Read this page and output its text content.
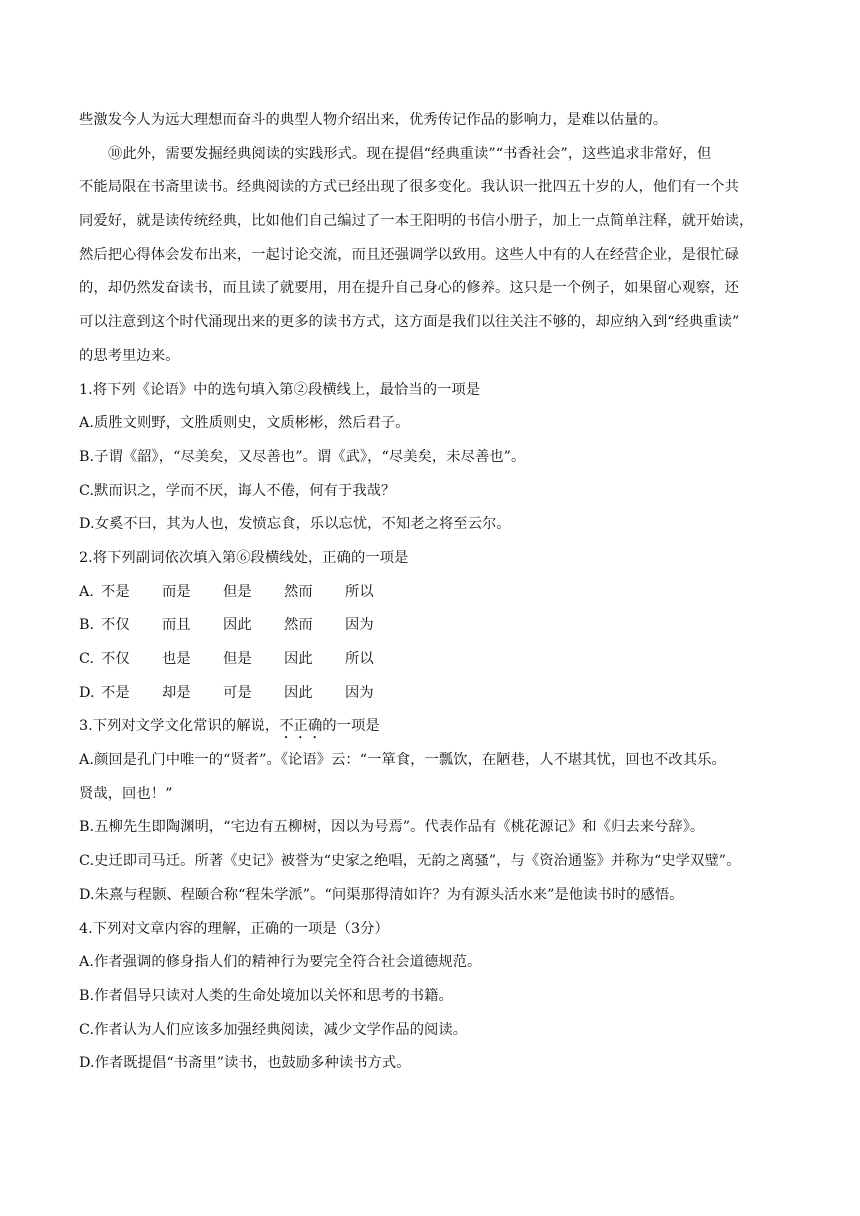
些激发今人为远大理想而奋斗的典型人物介绍出来，优秀传记作品的影响力，是难以估量的。
⑩此外，需要发掘经典阅读的实践形式。现在提倡“经典重读”“书香社会”，这些追求非常好，但
不能局限在书斋里读书。经典阅读的方式已经出现了很多变化。我认识一批四五十岁的人，他们有一个共
同爱好，就是读传统经典，比如他们自己编过了一本王阳明的书信小册子，加上一点简单注释，就开始读，
然后把心得体会发布出来，一起讨论交流，而且还强调学以致用。这些人中有的人在经营企业，是很忙碌
的，却仍然发奋读书，而且读了就要用，用在提升自己身心的修养。这只是一个例子，如果留心观察，还
可以注意到这个时代涌现出来的更多的读书方式，这方面是我们以往关注不够的，却应纳入到“经典重读”
的思考里边来。
1.将下列《论语》中的选句填入第②段横线上，最恰当的一项是
A.质胜文则野，文胜质则史，文质彬彬，然后君子。
B.子谓《韶》，“尽美矣，又尽善也”。谓《武》，“尽美矣，未尽善也”。
C.默而识之，学而不厌，诲人不倦，何有于我哉？
D.女奚不曰，其为人也，发愤忘食，乐以忘忧，不知老之将至云尔。
2.将下列副词依次填入第⑥段横线处，正确的一项是
A. 不是	而是	但是	然而	所以
B. 不仅	而且	因此	然而	因为
C. 不仅	也是	但是	因此	所以
D. 不是	却是	可是	因此	因为
3.下列对文学文化常识的解说，不正确的一项是
A.颜回是孔门中唯一的“贤者”。《论语》云：“一箪食，一瓢饮，在陋巷，人不堪其忧，回也不改其乐。
贤哉，回也！”
B.五柳先生即陶渊明，“宅边有五柳树，因以为号焉”。代表作品有《桃花源记》和《归去来兮辞》。
C.史迁即司马迁。所著《史记》被誉为“史家之绝唱，无韵之离骚”，与《资治通鉴》并称为“史学双璧”。
D.朱熹与程颢、程颐合称“程朱学派”。“问渠那得清如许？为有源头活水来”是他读书时的感悟。
4.下列对文章内容的理解，正确的一项是（3分）
A.作者强调的修身指人们的精神行为要完全符合社会道德规范。
B.作者倡导只读对人类的生命处境加以关怀和思考的书籍。
C.作者认为人们应该多加强经典阅读，减少文学作品的阅读。
D.作者既提倡“书斋里”读书，也鼓励多种读书方式。
